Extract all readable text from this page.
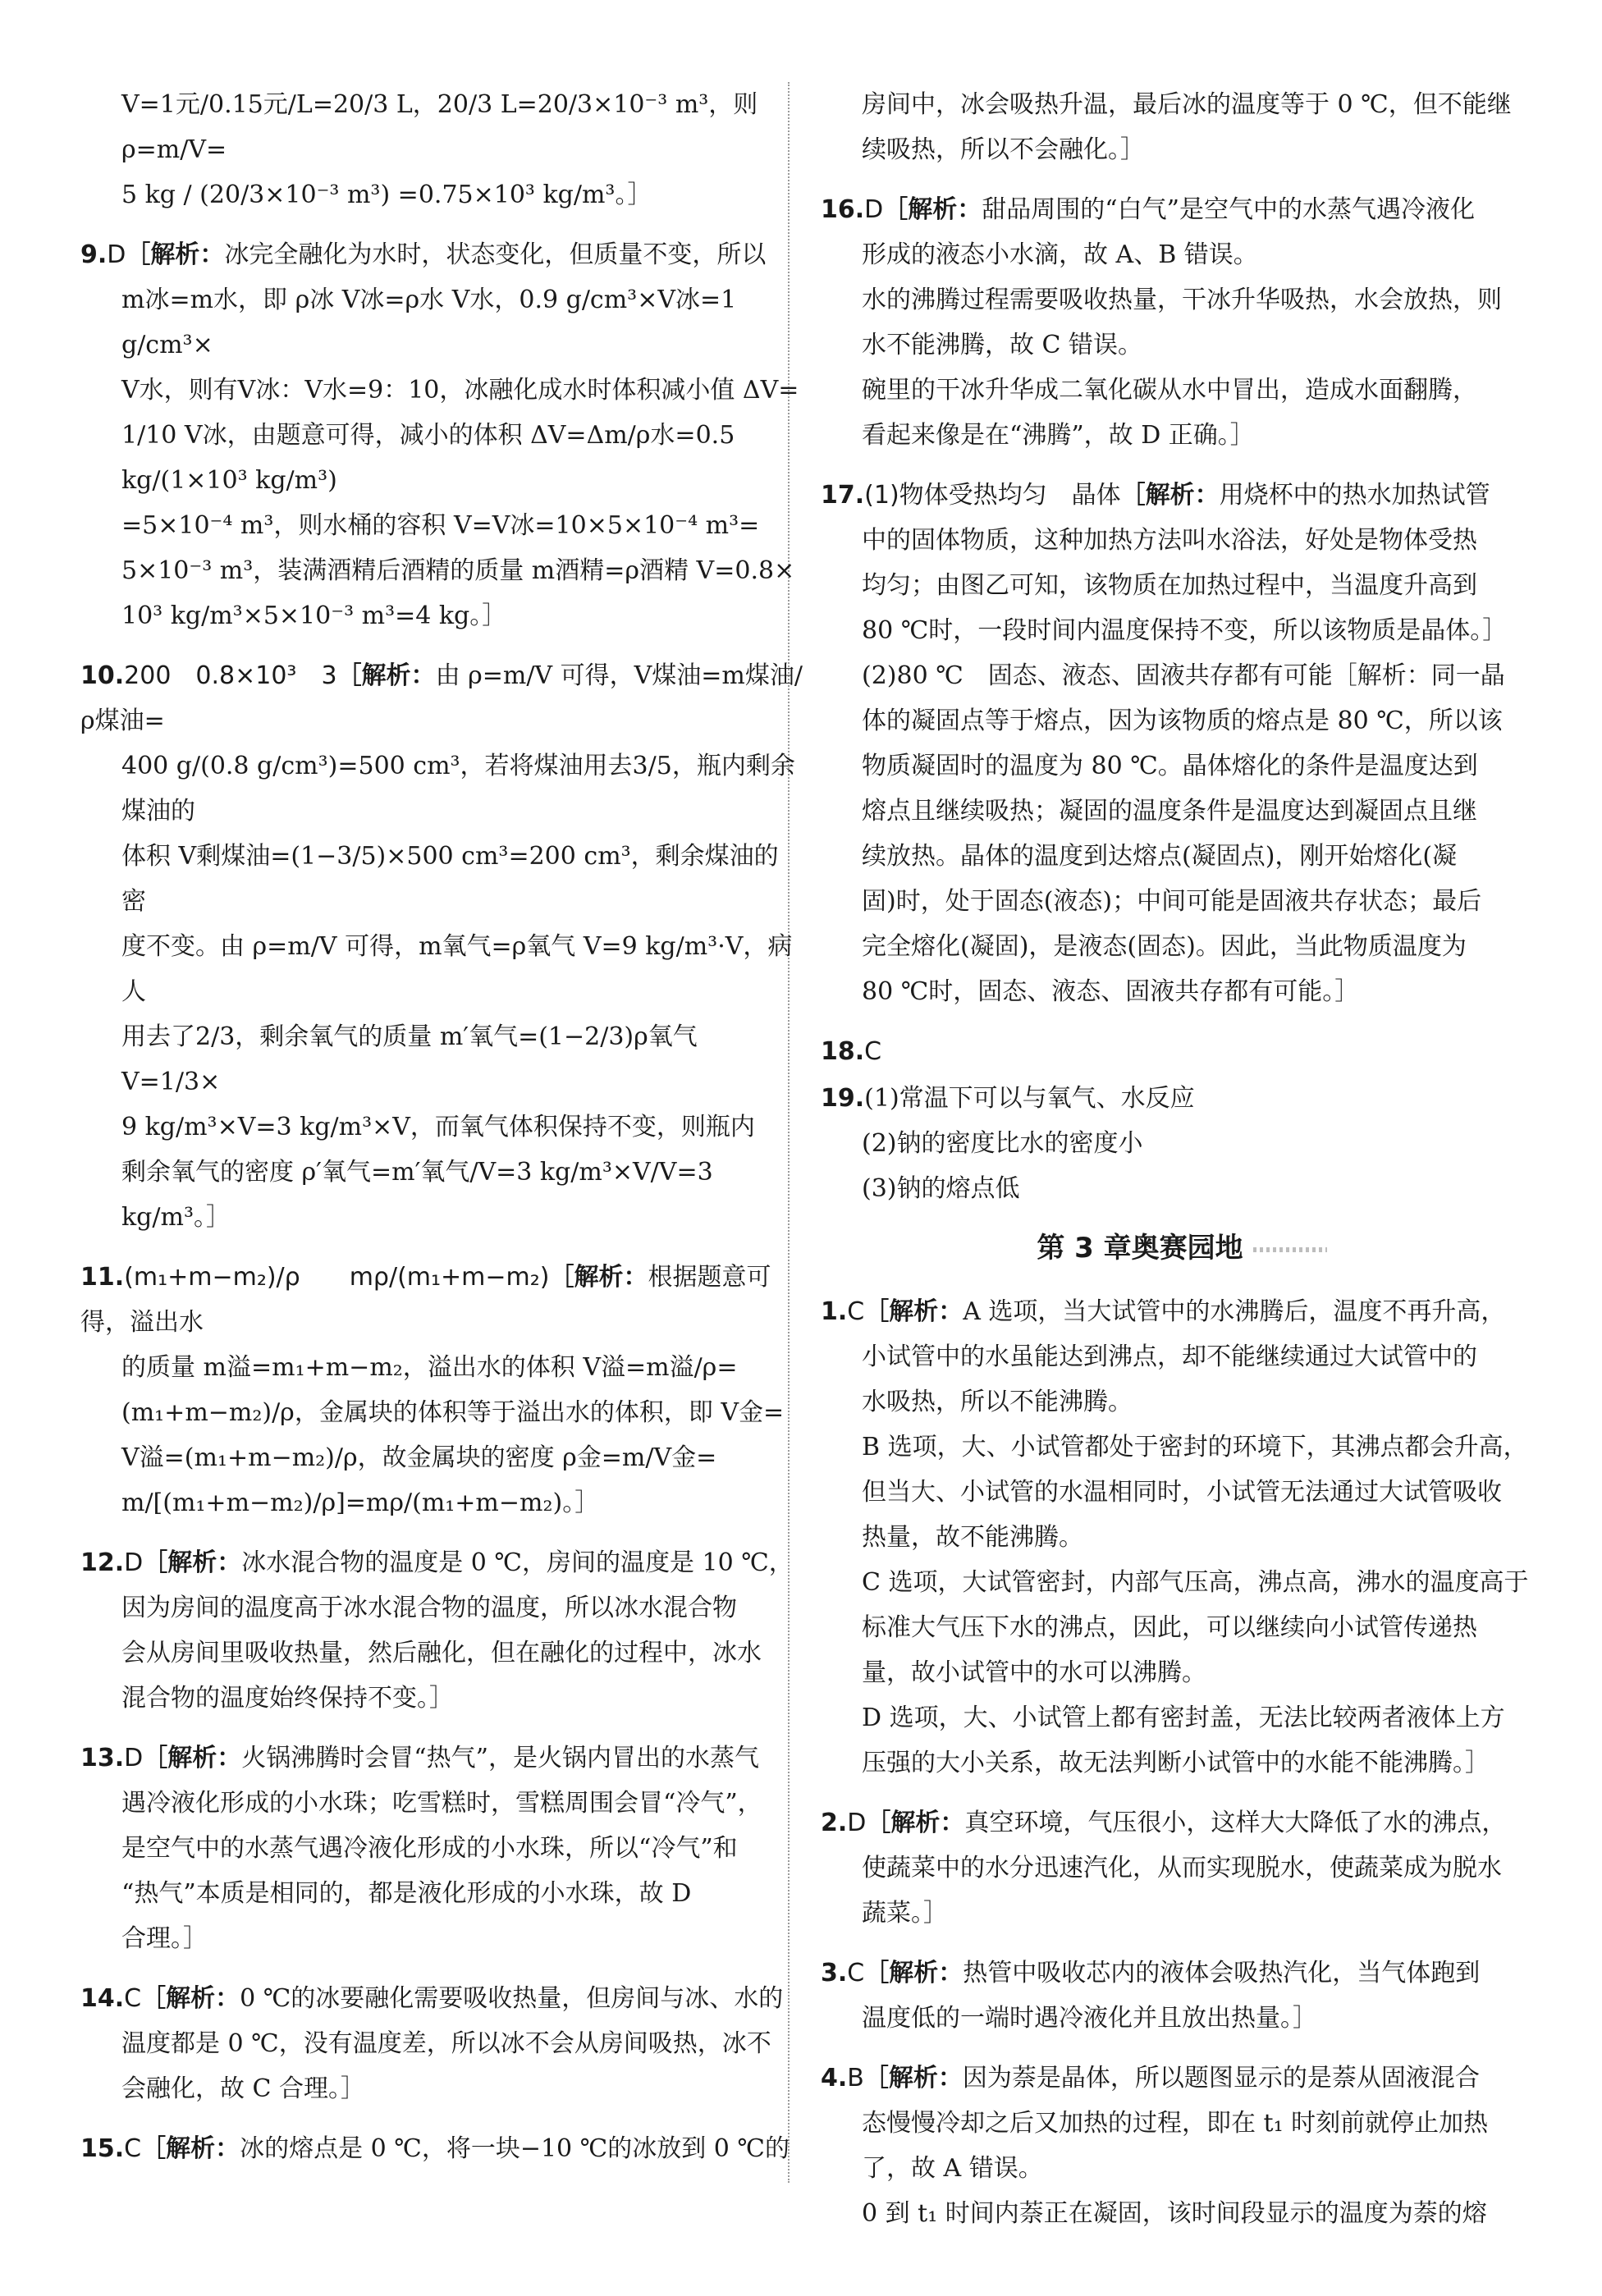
V=1元/0.15元/L=20/3 L，20/3 L=20/3×10⁻³ m³，则 ρ=m/V=
5 kg / (20/3×10⁻³ m³) =0.75×10³ kg/m³。］
9.D［解析：冰完全融化为水时，状态变化，但质量不变，所以
m冰=m水，即 ρ冰 V冰=ρ水 V水，0.9 g/cm³×V冰=1 g/cm³×
V水，则有V冰：V水=9：10，冰融化成水时体积减小值 ΔV=
1/10 V冰，由题意可得，减小的体积 ΔV=Δm/ρ水=0.5 kg/(1×10³ kg/m³)
=5×10⁻⁴ m³，则水桶的容积 V=V冰=10×5×10⁻⁴ m³=
5×10⁻³ m³，装满酒精后酒精的质量 m酒精=ρ酒精 V=0.8×
10³ kg/m³×5×10⁻³ m³=4 kg。］
10.200　0.8×10³　3［解析：由 ρ=m/V 可得，V煤油=m煤油/ρ煤油=
400 g/(0.8 g/cm³)=500 cm³，若将煤油用去3/5，瓶内剩余煤油的
体积 V剩煤油=(1−3/5)×500 cm³=200 cm³，剩余煤油的密
度不变。由 ρ=m/V 可得，m氧气=ρ氧气 V=9 kg/m³·V，病人
用去了2/3，剩余氧气的质量 m′氧气=(1−2/3)ρ氧气 V=1/3×
9 kg/m³×V=3 kg/m³×V，而氧气体积保持不变，则瓶内
剩余氧气的密度 ρ′氧气=m′氧气/V=3 kg/m³×V/V=3 kg/m³。］
11.(m₁+m−m₂)/ρ　　mρ/(m₁+m−m₂)［解析：根据题意可得，溢出水
的质量 m溢=m₁+m−m₂，溢出水的体积 V溢=m溢/ρ=
(m₁+m−m₂)/ρ，金属块的体积等于溢出水的体积，即 V金=
V溢=(m₁+m−m₂)/ρ，故金属块的密度 ρ金=m/V金=
m/[(m₁+m−m₂)/ρ]=mρ/(m₁+m−m₂)。］
12.D［解析：冰水混合物的温度是 0 ℃，房间的温度是 10 ℃，
因为房间的温度高于冰水混合物的温度，所以冰水混合物
会从房间里吸收热量，然后融化，但在融化的过程中，冰水
混合物的温度始终保持不变。］
13.D［解析：火锅沸腾时会冒“热气”，是火锅内冒出的水蒸气
遇冷液化形成的小水珠；吃雪糕时，雪糕周围会冒“冷气”，
是空气中的水蒸气遇冷液化形成的小水珠，所以“冷气”和
“热气”本质是相同的，都是液化形成的小水珠，故 D
合理。］
14.C［解析：0 ℃的冰要融化需要吸收热量，但房间与冰、水的
温度都是 0 ℃，没有温度差，所以冰不会从房间吸热，冰不
会融化，故 C 合理。］
15.C［解析：冰的熔点是 0 ℃，将一块−10 ℃的冰放到 0 ℃的
房间中，冰会吸热升温，最后冰的温度等于 0 ℃，但不能继
续吸热，所以不会融化。］
16.D［解析：甜品周围的“白气”是空气中的水蒸气遇冷液化
形成的液态小水滴，故 A、B 错误。
水的沸腾过程需要吸收热量，干冰升华吸热，水会放热，则
水不能沸腾，故 C 错误。
碗里的干冰升华成二氧化碳从水中冒出，造成水面翻腾，
看起来像是在“沸腾”，故 D 正确。］
17.(1)物体受热均匀　晶体［解析：用烧杯中的热水加热试管
中的固体物质，这种加热方法叫水浴法，好处是物体受热
均匀；由图乙可知，该物质在加热过程中，当温度升高到
80 ℃时，一段时间内温度保持不变，所以该物质是晶体。］
(2)80 ℃　固态、液态、固液共存都有可能［解析：同一晶
体的凝固点等于熔点，因为该物质的熔点是 80 ℃，所以该
物质凝固时的温度为 80 ℃。晶体熔化的条件是温度达到
熔点且继续吸热；凝固的温度条件是温度达到凝固点且继
续放热。晶体的温度到达熔点(凝固点)，刚开始熔化(凝
固)时，处于固态(液态)；中间可能是固液共存状态；最后
完全熔化(凝固)，是液态(固态)。因此，当此物质温度为
80 ℃时，固态、液态、固液共存都有可能。］
18.C
19.(1)常温下可以与氧气、水反应
(2)钠的密度比水的密度小
(3)钠的熔点低
第 3 章奥赛园地
1.C［解析：A 选项，当大试管中的水沸腾后，温度不再升高，
小试管中的水虽能达到沸点，却不能继续通过大试管中的
水吸热，所以不能沸腾。
B 选项，大、小试管都处于密封的环境下，其沸点都会升高，
但当大、小试管的水温相同时，小试管无法通过大试管吸收
热量，故不能沸腾。
C 选项，大试管密封，内部气压高，沸点高，沸水的温度高于
标准大气压下水的沸点，因此，可以继续向小试管传递热
量，故小试管中的水可以沸腾。
D 选项，大、小试管上都有密封盖，无法比较两者液体上方
压强的大小关系，故无法判断小试管中的水能不能沸腾。］
2.D［解析：真空环境，气压很小，这样大大降低了水的沸点，
使蔬菜中的水分迅速汽化，从而实现脱水，使蔬菜成为脱水
蔬菜。］
3.C［解析：热管中吸收芯内的液体会吸热汽化，当气体跑到
温度低的一端时遇冷液化并且放出热量。］
4.B［解析：因为萘是晶体，所以题图显示的是萘从固液混合
态慢慢冷却之后又加热的过程，即在 t₁ 时刻前就停止加热
了，故 A 错误。
0 到 t₁ 时间内萘正在凝固，该时间段显示的温度为萘的熔
